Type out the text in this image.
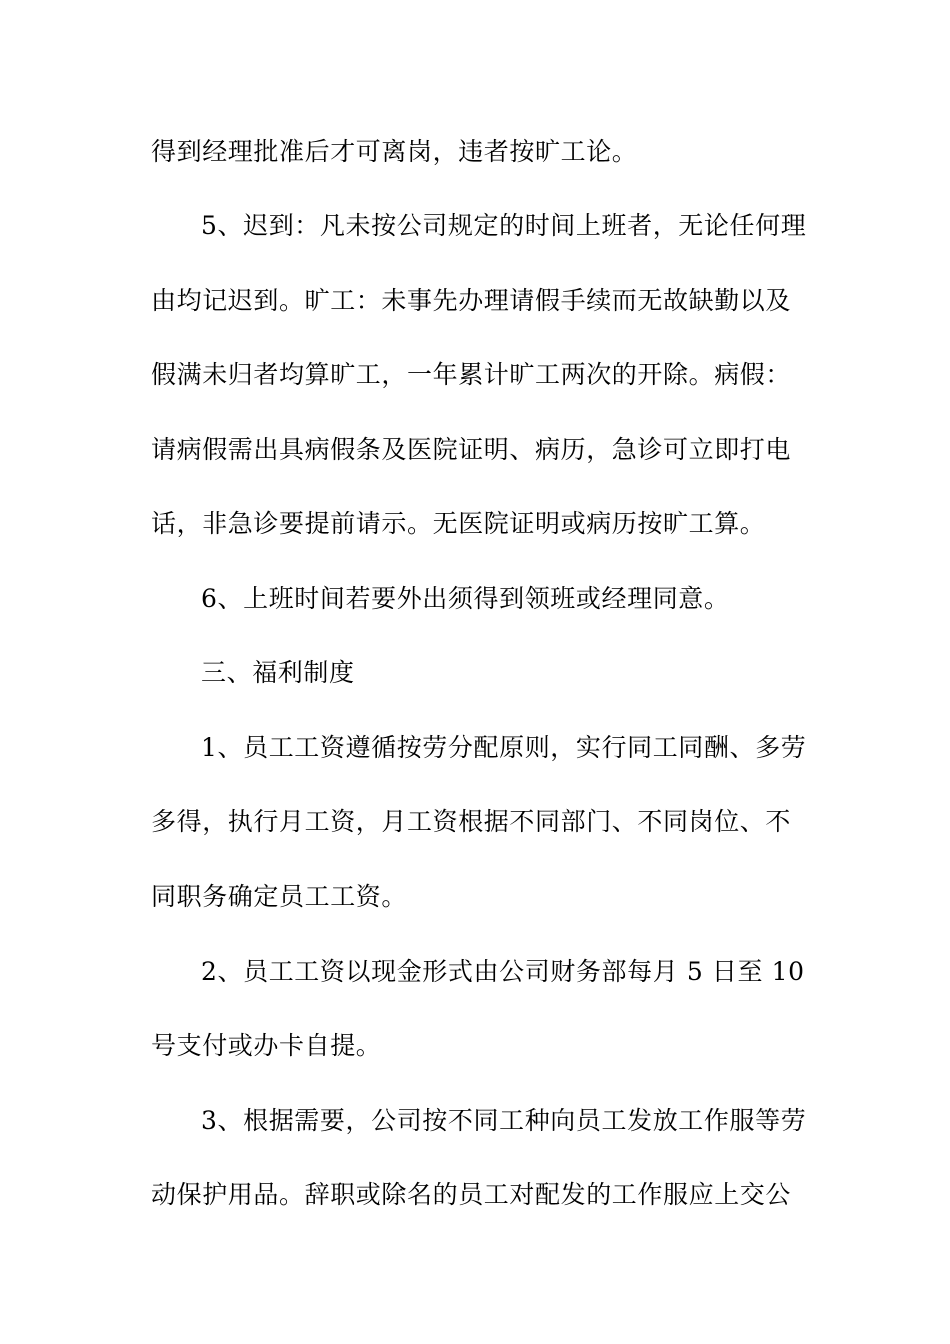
得到经理批准后才可离岗，违者按旷工论。
5、迟到：凡未按公司规定的时间上班者，无论任何理
由均记迟到。旷工：未事先办理请假手续而无故缺勤以及
假满未归者均算旷工，一年累计旷工两次的开除。病假：
请病假需出具病假条及医院证明、病历，急诊可立即打电
话，非急诊要提前请示。无医院证明或病历按旷工算。
6、上班时间若要外出须得到领班或经理同意。
三、福利制度
1、员工工资遵循按劳分配原则，实行同工同酬、多劳
多得，执行月工资，月工资根据不同部门、不同岗位、不
同职务确定员工工资。
2、员工工资以现金形式由公司财务部每月 5 日至 10
号支付或办卡自提。
3、根据需要，公司按不同工种向员工发放工作服等劳
动保护用品。辞职或除名的员工对配发的工作服应上交公
